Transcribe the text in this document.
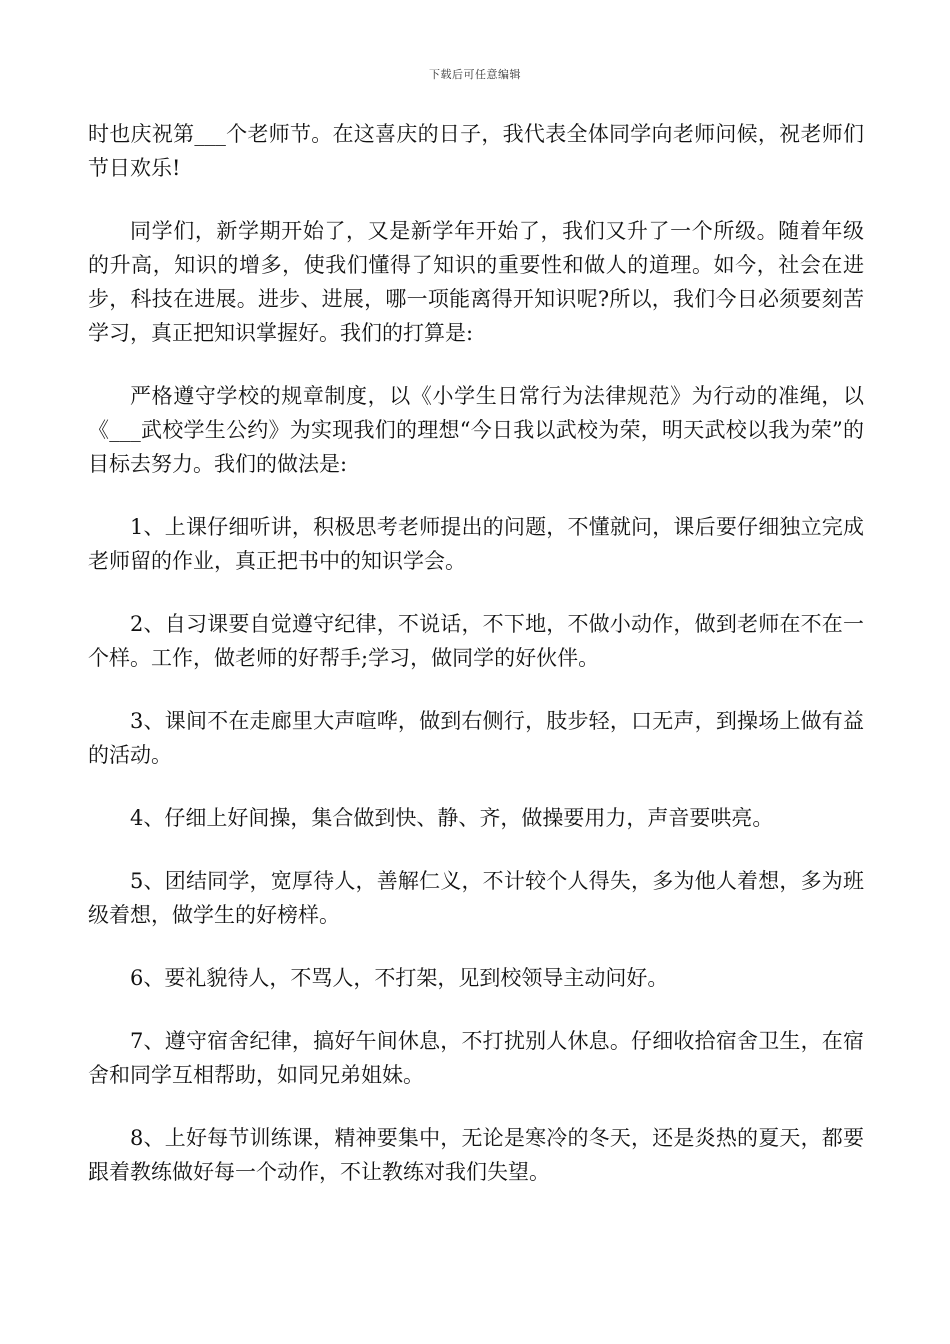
下载后可任意编辑

时也庆祝第___个老师节。在这喜庆的日子，我代表全体同学向老师问候，祝老师们节日欢乐!

同学们，新学期开始了，又是新学年开始了，我们又升了一个所级。随着年级的升高，知识的增多，使我们懂得了知识的重要性和做人的道理。如今，社会在进步，科技在进展。进步、进展，哪一项能离得开知识呢?所以，我们今日必须要刻苦学习，真正把知识掌握好。我们的打算是:

严格遵守学校的规章制度，以《小学生日常行为法律规范》为行动的准绳，以《___武校学生公约》为实现我们的理想“今日我以武校为荣，明天武校以我为荣”的目标去努力。我们的做法是:

1、上课仔细听讲，积极思考老师提出的问题，不懂就问，课后要仔细独立完成老师留的作业，真正把书中的知识学会。

2、自习课要自觉遵守纪律，不说话，不下地，不做小动作，做到老师在不在一个样。工作，做老师的好帮手;学习，做同学的好伙伴。

3、课间不在走廊里大声喧哗，做到右侧行，肢步轻，口无声，到操场上做有益的活动。

4、仔细上好间操，集合做到快、静、齐，做操要用力，声音要哄亮。

5、团结同学，宽厚待人，善解仁义，不计较个人得失，多为他人着想，多为班级着想，做学生的好榜样。

6、要礼貌待人，不骂人，不打架，见到校领导主动问好。

7、遵守宿舍纪律，搞好午间休息，不打扰别人休息。仔细收拾宿舍卫生，在宿舍和同学互相帮助，如同兄弟姐妹。

8、上好每节训练课，精神要集中，无论是寒冷的冬天，还是炎热的夏天，都要跟着教练做好每一个动作，不让教练对我们失望。
